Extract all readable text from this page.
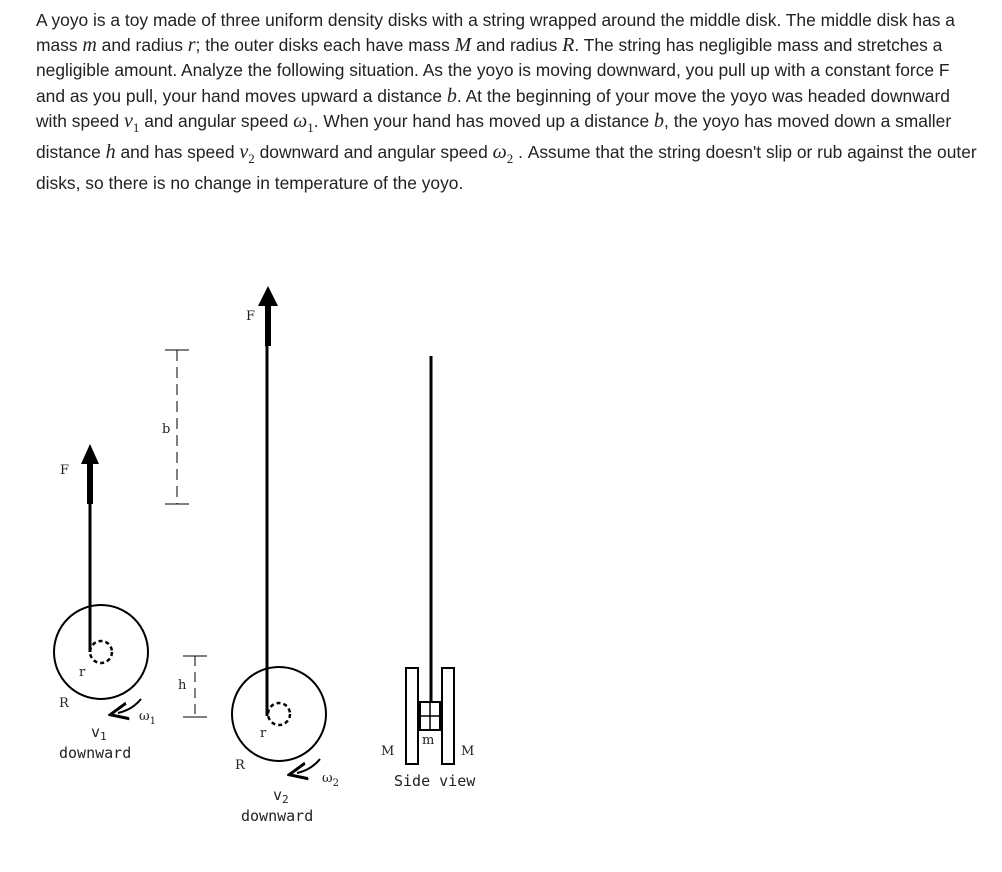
A yoyo is a toy made of three uniform density disks with a string wrapped around the middle disk. The middle disk has a mass m and radius r; the outer disks each have mass M and radius R. The string has negligible mass and stretches a negligible amount. Analyze the following situation. As the yoyo is moving downward, you pull up with a constant force F and as you pull, your hand moves upward a distance b. At the beginning of your move the yoyo was headed downward with speed $v_1$ and angular speed $\omega_1$. When your hand has moved up a distance b, the yoyo has moved down a smaller distance h and has speed $v_2$ downward and angular speed $\omega_2$ . Assume that the string doesn't slip or rub against the outer disks, so there is no change in temperature of the yoyo.

F
r
R
$\omega_1$
$v_1$
downward
b
h
F
r
R
$\omega_2$
$v_2$
downward
M
m
M
Side view
